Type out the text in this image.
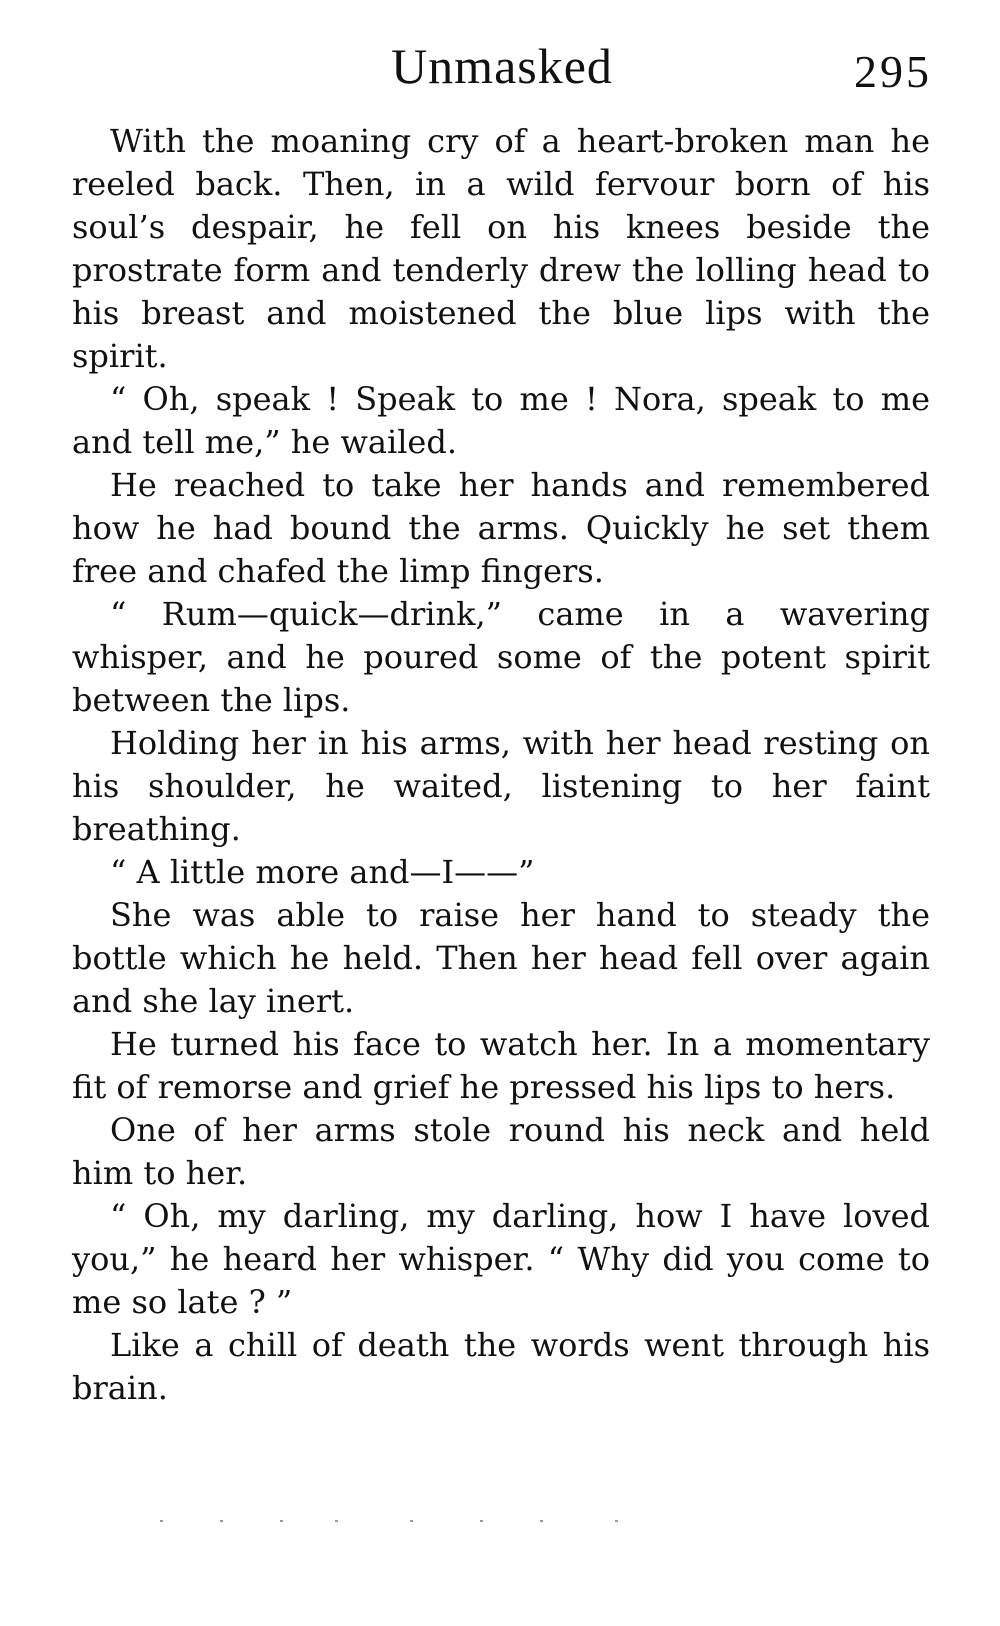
Unmasked	295

With the moaning cry of a heart-broken man he reeled back. Then, in a wild fervour born of his soul’s despair, he fell on his knees beside the prostrate form and tenderly drew the lolling head to his breast and moistened the blue lips with the spirit.

“ Oh, speak ! Speak to me ! Nora, speak to me and tell me,” he wailed.

He reached to take her hands and remembered how he had bound the arms. Quickly he set them free and chafed the limp fingers.

“ Rum—quick—drink,” came in a wavering whisper, and he poured some of the potent spirit between the lips.

Holding her in his arms, with her head resting on his shoulder, he waited, listening to her faint breathing.

“ A little more and—I——”

She was able to raise her hand to steady the bottle which he held. Then her head fell over again and she lay inert.

He turned his face to watch her. In a momentary fit of remorse and grief he pressed his lips to hers.

One of her arms stole round his neck and held him to her.

“ Oh, my darling, my darling, how I have loved you,” he heard her whisper. “ Why did you come to me so late ? ”

Like a chill of death the words went through his brain.
